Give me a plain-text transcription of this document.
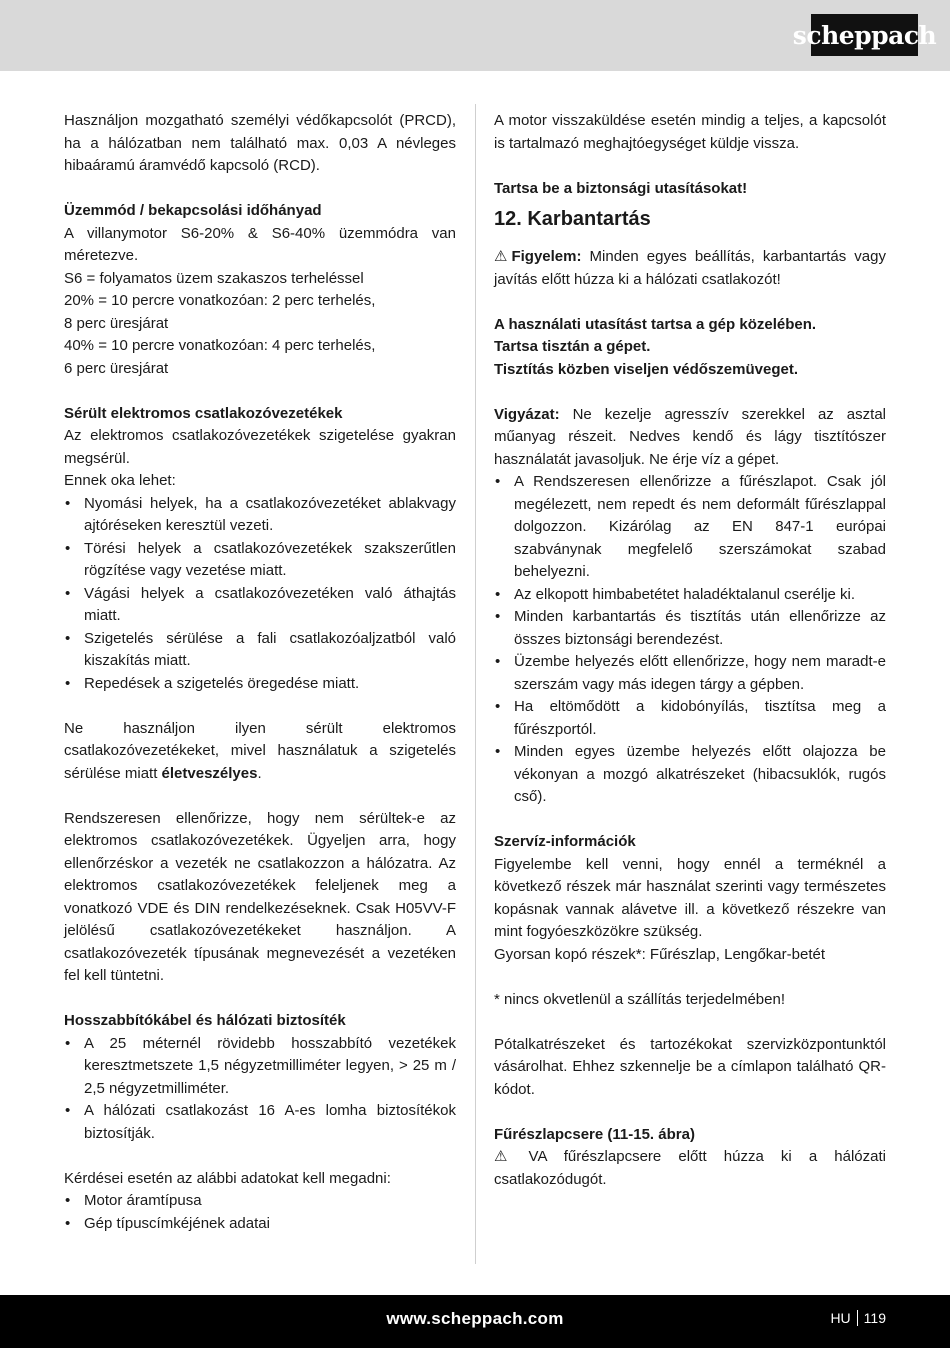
scheppach

Használjon mozgatható személyi védőkapcsolót (PRCD), ha a hálózatban nem található max. 0,03 A névleges hibaáramú áramvédő kapcsoló (RCD).

Üzemmód / bekapcsolási időhányad

A villanymotor S6-20% & S6-40% üzemmódra van méretezve.

S6 = folyamatos üzem szakaszos terheléssel

20% = 10 percre vonatkozóan: 2 perc terhelés,

8 perc üresjárat

40% = 10 percre vonatkozóan: 4 perc terhelés,

6 perc üresjárat

Sérült elektromos csatlakozóvezetékek

Az elektromos csatlakozóvezetékek szigetelése gyakran megsérül.

Ennek oka lehet:

• Nyomási helyek, ha a csatlakozóvezetéket ablakvagy ajtóréseken keresztül vezeti.
• Törési helyek a csatlakozóvezetékek szakszerűtlen rögzítése vagy vezetése miatt.
• Vágási helyek a csatlakozóvezetéken való áthajtás miatt.
• Szigetelés sérülése a fali csatlakozóaljzatból való kiszakítás miatt.
• Repedések a szigetelés öregedése miatt.

Ne használjon ilyen sérült elektromos csatlakozóvezetékeket, mivel használatuk a szigetelés sérülése miatt életveszélyes.

Rendszeresen ellenőrizze, hogy nem sérültek-e az elektromos csatlakozóvezetékek. Ügyeljen arra, hogy ellenőrzéskor a vezeték ne csatlakozzon a hálózatra. Az elektromos csatlakozóvezetékek feleljenek meg a vonatkozó VDE és DIN rendelkezéseknek. Csak H05VV-F jelölésű csatlakozóvezetékeket használjon. A csatlakozóvezeték típusának megnevezését a vezetéken fel kell tüntetni.

Hosszabbítókábel és hálózati biztosíték

• A 25 méternél rövidebb hosszabbító vezetékek keresztmetszete 1,5 négyzetmilliméter legyen, > 25 m / 2,5 négyzetmilliméter.
• A hálózati csatlakozást 16 A-es lomha biztosítékok biztosítják.

Kérdései esetén az alábbi adatokat kell megadni:

• Motor áramtípusa
• Gép típuscímkéjének adatai

A motor visszaküldése esetén mindig a teljes, a kapcsolót is tartalmazó meghajtóegységet küldje vissza.

Tartsa be a biztonsági utasításokat!

12. Karbantartás

⚠ Figyelem: Minden egyes beállítás, karbantartás vagy javítás előtt húzza ki a hálózati csatlakozót!

A használati utasítást tartsa a gép közelében.

Tartsa tisztán a gépet.

Tisztítás közben viseljen védőszemüveget.

Vigyázat: Ne kezelje agresszív szerekkel az asztal műanyag részeit. Nedves kendő és lágy tisztítószer használatát javasoljuk. Ne érje víz a gépet.

• A Rendszeresen ellenőrizze a fűrészlapot. Csak jól megélezett, nem repedt és nem deformált fűrészlappal dolgozzon. Kizárólag az EN 847-1 európai szabványnak megfelelő szerszámokat szabad behelyezni.
• Az elkopott himbabetétet haladéktalanul cserélje ki.
• Minden karbantartás és tisztítás után ellenőrizze az összes biztonsági berendezést.
• Üzembe helyezés előtt ellenőrizze, hogy nem maradt-e szerszám vagy más idegen tárgy a gépben.
• Ha eltömődött a kidobónyílás, tisztítsa meg a fűrészportól.
• Minden egyes üzembe helyezés előtt olajozza be vékonyan a mozgó alkatrészeket (hibacsuklók, rugós cső).

Szervíz-információk

Figyelembe kell venni, hogy ennél a terméknél a következő részek már használat szerinti vagy természetes kopásnak vannak alávetve ill. a következő részekre van mint fogyóeszközökre szükség.

Gyorsan kopó részek*: Fűrészlap, Lengőkar-betét

* nincs okvetlenül a szállítás terjedelmében!

Pótalkatrészeket és tartozékokat szervizközpontunktól vásárolhat. Ehhez szkennelje be a címlapon található QR-kódot.

Fűrészlapcsere (11-15. ábra)

⚠ VA fűrészlapcsere előtt húzza ki a hálózati csatlakozódugót.

www.scheppach.com	HU 119
